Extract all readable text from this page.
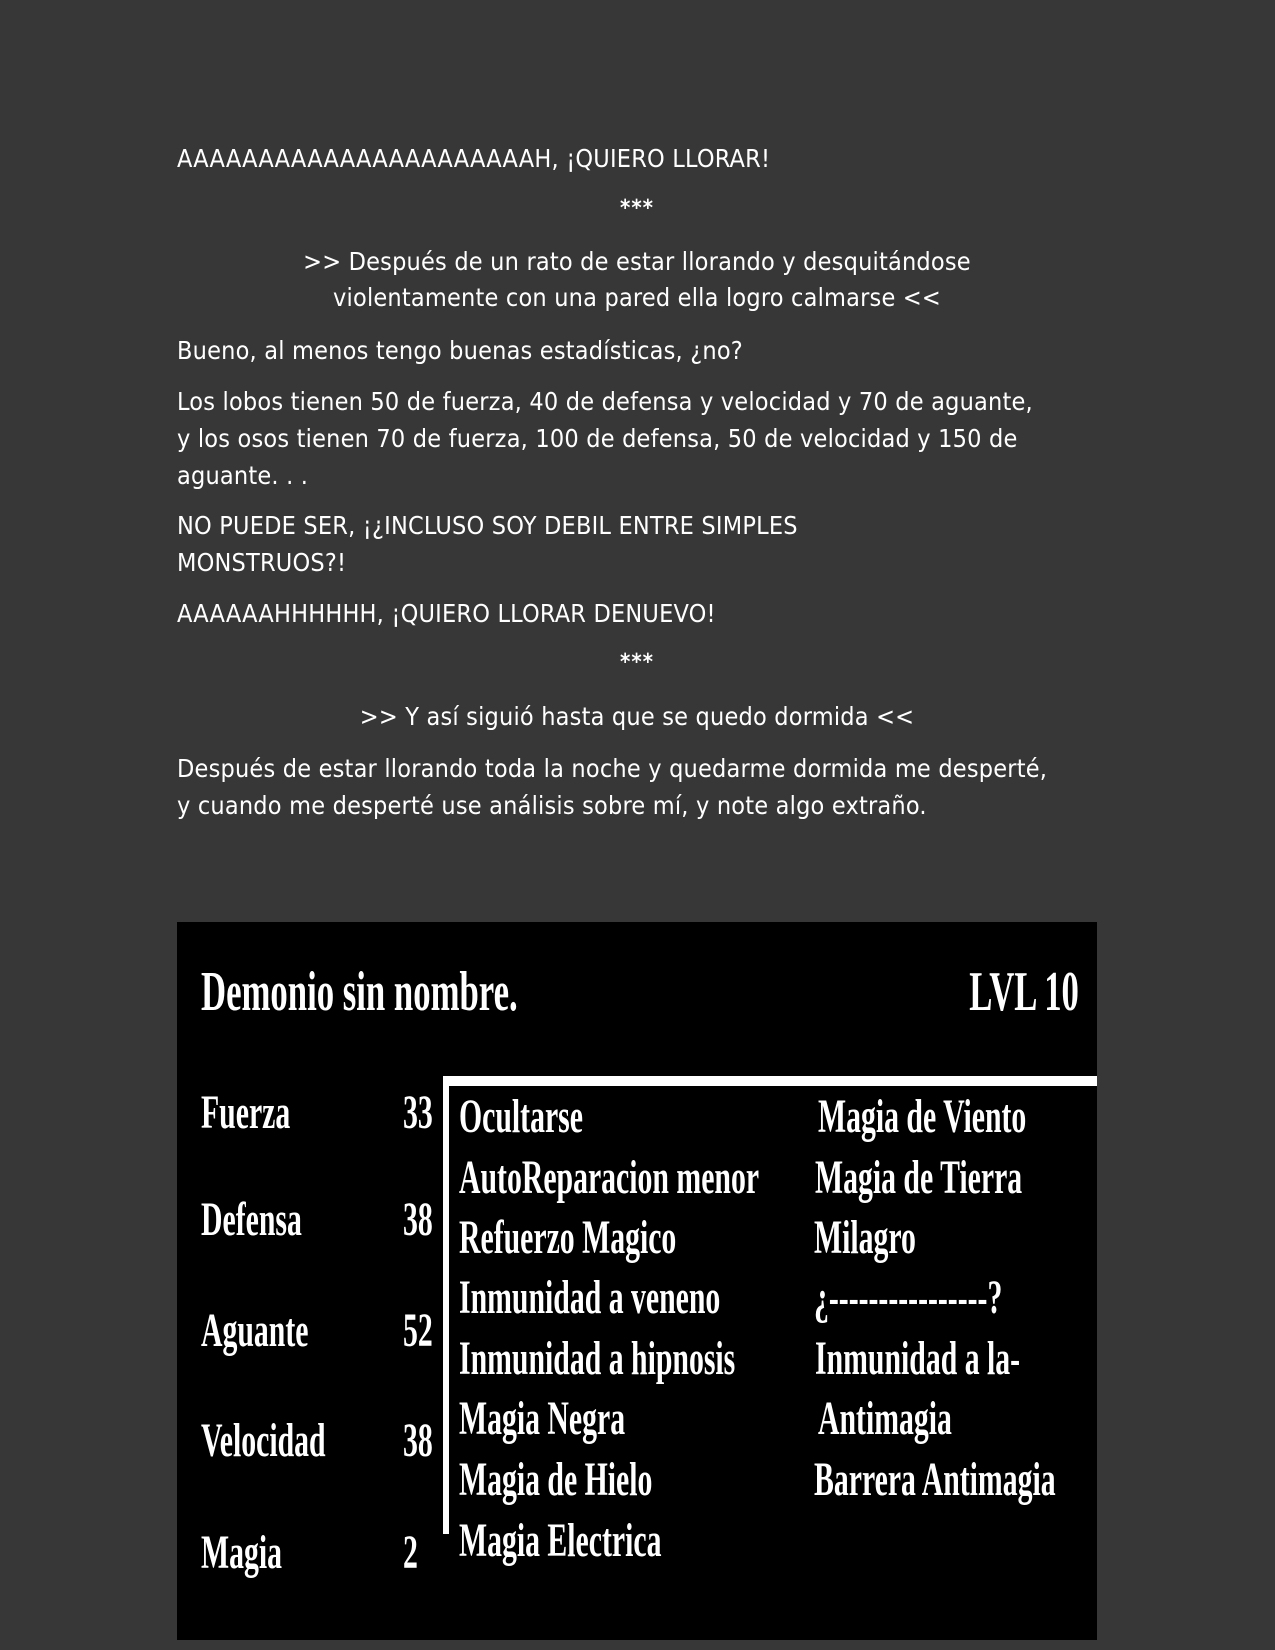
AAAAAAAAAAAAAAAAAAAAAAH, ¡QUIERO LLORAR!
***
>> Después de un rato de estar llorando y desquitándose violentamente con una pared ella logro calmarse <<
Bueno, al menos tengo buenas estadísticas, ¿no?
Los lobos tienen 50 de fuerza, 40 de defensa y velocidad y 70 de aguante, y los osos tienen 70 de fuerza, 100 de defensa, 50 de velocidad y 150 de aguante. . .
NO PUEDE SER, ¡¿INCLUSO SOY DEBIL ENTRE SIMPLES MONSTRUOS?!
AAAAAAHHHHHH, ¡QUIERO LLORAR DENUEVO!
***
>> Y así siguió hasta que se quedo dormida <<
Después de estar llorando toda la noche y quedarme dormida me desperté, y cuando me desperté use análisis sobre mí, y note algo extraño.
Demonio sin nombre.	LVL 10
Fuerza 33
Defensa 38
Aguante 52
Velocidad 38
Magia	2
Ocultarse
AutoReparacion menor
Refuerzo Magico
Inmunidad a veneno
Inmunidad a hipnosis
Magia Negra
Magia de Hielo
Magia Electrica
Magia de Viento
Magia de Tierra
Milagro
¿----------------?
Inmunidad a la-
Antimagia
Barrera Antimagia
